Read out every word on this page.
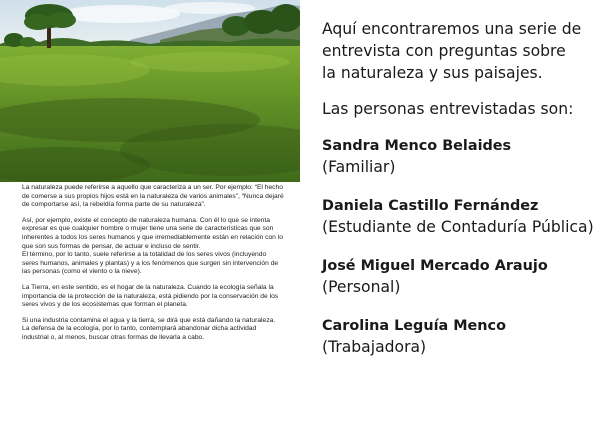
La naturaleza puede referirse a aquello que caracteriza a un ser. Por ejemplo: “El hecho de comerse a sus propios hijos está en la naturaleza de varios animales”, “Nunca dejaré de comportarse así, la rebeldía forma parte de su naturaleza”.

Así, por ejemplo, existe el concepto de naturaleza humana. Con él lo que se intenta expresar es que cualquier hombre o mujer tiene una serie de características que son inherentes a todos los seres humanos y que irremediablemente están en relación con lo que son sus formas de pensar, de actuar e incluso de sentir.

El término, por lo tanto, suele referirse a la totalidad de los seres vivos (incluyendo seres humanos, animales y plantas) y a los fenómenos que surgen sin intervención de las personas (como el viento o la nieve).

La Tierra, en este sentido, es el hogar de la naturaleza. Cuando la ecología señala la importancia de la protección de la naturaleza, está pidiendo por la conservación de los seres vivos y de los ecosistemas que forman el planeta.

Si una industria contamina el agua y la tierra, se dirá que está dañando la naturaleza. La defensa de la ecología, por lo tanto, contemplará abandonar dicha actividad industrial o, al menos, buscar otras formas de llevarla a cabo.

Aquí encontraremos una serie de
entrevista con preguntas sobre
la naturaleza y sus paisajes.

Las personas entrevistadas son:

Sandra Menco Belaides
(Familiar)
Daniela Castillo Fernández
(Estudiante de Contaduría Pública)
José Miguel Mercado Araujo
(Personal)
Carolina Leguía Menco
(Trabajadora)
